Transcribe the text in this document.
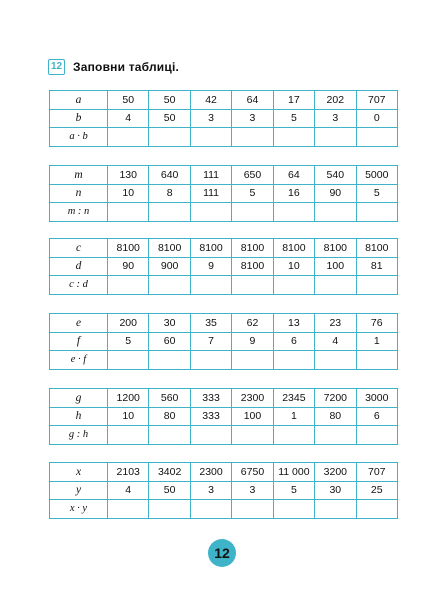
12 Заповни таблиці.
a	50	50	42	64	17	202	707
b	4	50	3	3	5	3	0
a · b							
m	130	640	111	650	64	540	5000
n	10	8	111	5	16	90	5
m : n							
c	8100	8100	8100	8100	8100	8100	8100
d	90	900	9	8100	10	100	81
c : d							
e	200	30	35	62	13	23	76
f	5	60	7	9	6	4	1
e · f							
g	1200	560	333	2300	2345	7200	3000
h	10	80	333	100	1	80	6
g : h							
x	2103	3402	2300	6750	11 000	3200	707
y	4	50	3	3	5	30	25
x · y							
12
